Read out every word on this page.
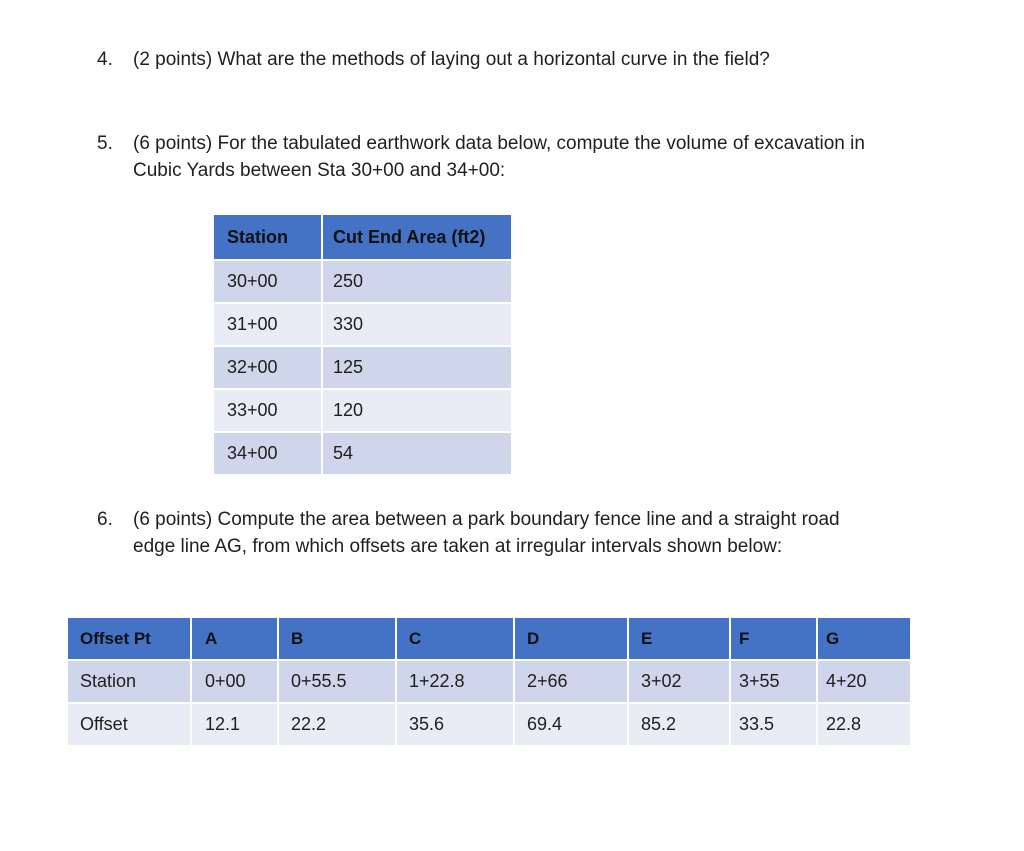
4. (2 points) What are the methods of laying out a horizontal curve in the field?
5. (6 points) For the tabulated earthwork data below, compute the volume of excavation in
Cubic Yards between Sta 30+00 and 34+00:
Station	Cut End Area (ft2)
30+00	250
31+00	330
32+00	125
33+00	120
34+00	54
6. (6 points) Compute the area between a park boundary fence line and a straight road
edge line AG, from which offsets are taken at irregular intervals shown below:
Offset Pt	A	B	C	D	E	F	G
Station	0+00	0+55.5	1+22.8	2+66	3+02	3+55	4+20
Offset	12.1	22.2	35.6	69.4	85.2	33.5	22.8
